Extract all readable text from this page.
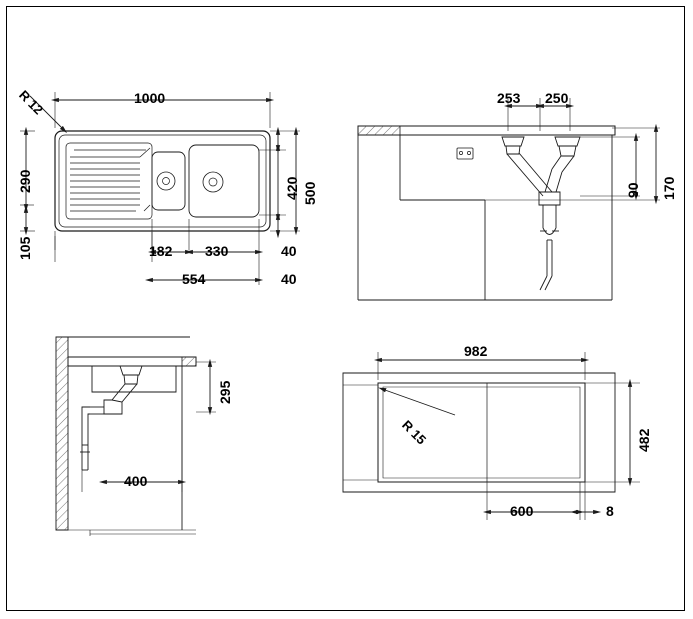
R 12	1000
290
105
500
420
182 330
554
40
40
253 250
90 170
295
400
982
R 15	482
600	8
